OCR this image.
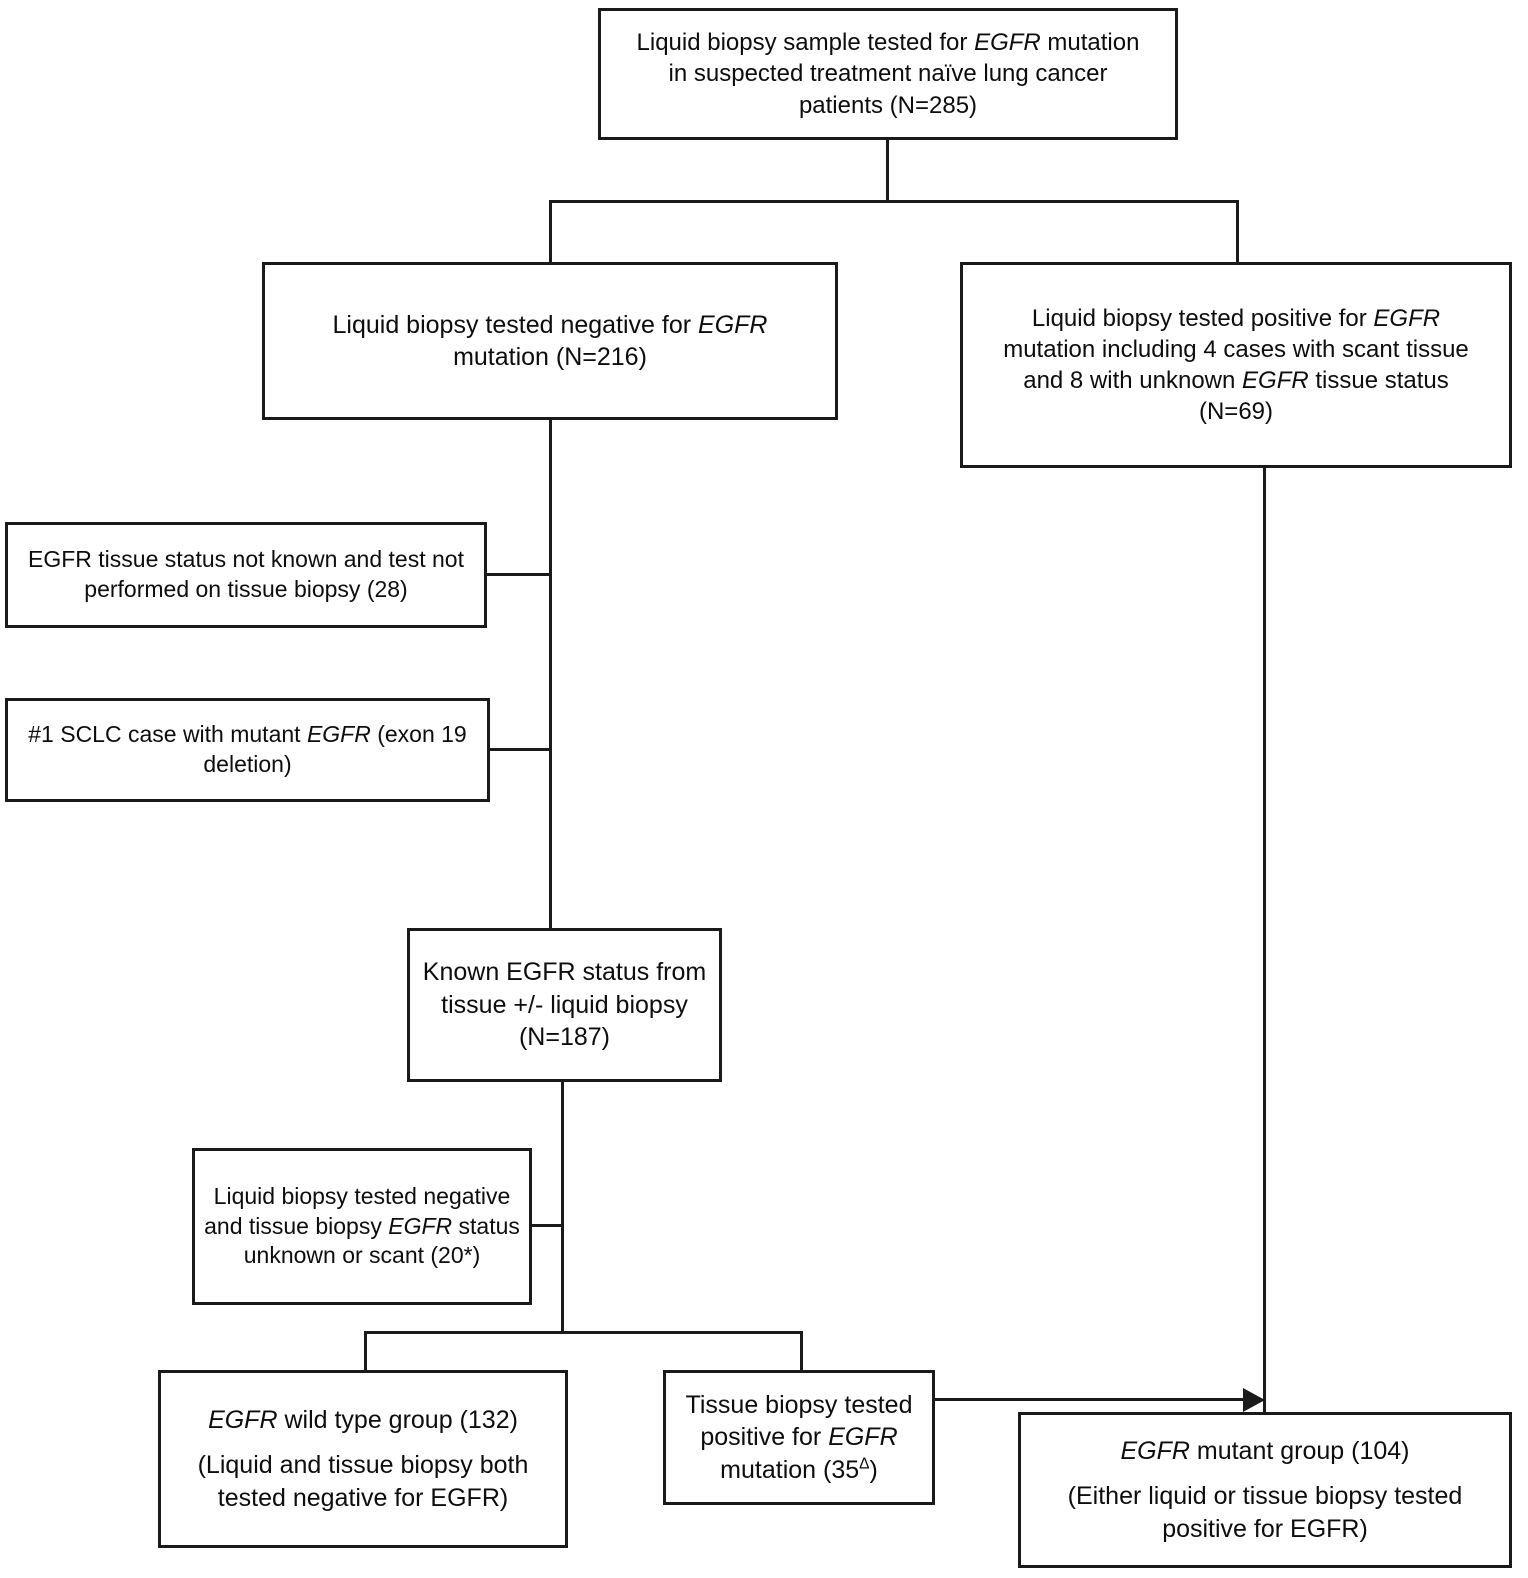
Liquid biopsy sample tested for EGFR mutation
in suspected treatment naïve lung cancer
patients (N=285)
Liquid biopsy tested negative for EGFR
mutation (N=216)
Liquid biopsy tested positive for EGFR
mutation including 4 cases with scant tissue
and 8 with unknown EGFR tissue status
(N=69)
EGFR tissue status not known and test not
performed on tissue biopsy (28)
#1 SCLC case with mutant EGFR (exon 19
deletion)
Known EGFR status from
tissue +/- liquid biopsy
(N=187)
Liquid biopsy tested negative
and tissue biopsy EGFR status
unknown or scant (20*)
EGFR wild type group (132)
(Liquid and tissue biopsy both
tested negative for EGFR)
Tissue biopsy tested
positive for EGFR
mutation $(35^\Delta)$
EGFR mutant group (104)
(Either liquid or tissue biopsy tested
positive for EGFR)
